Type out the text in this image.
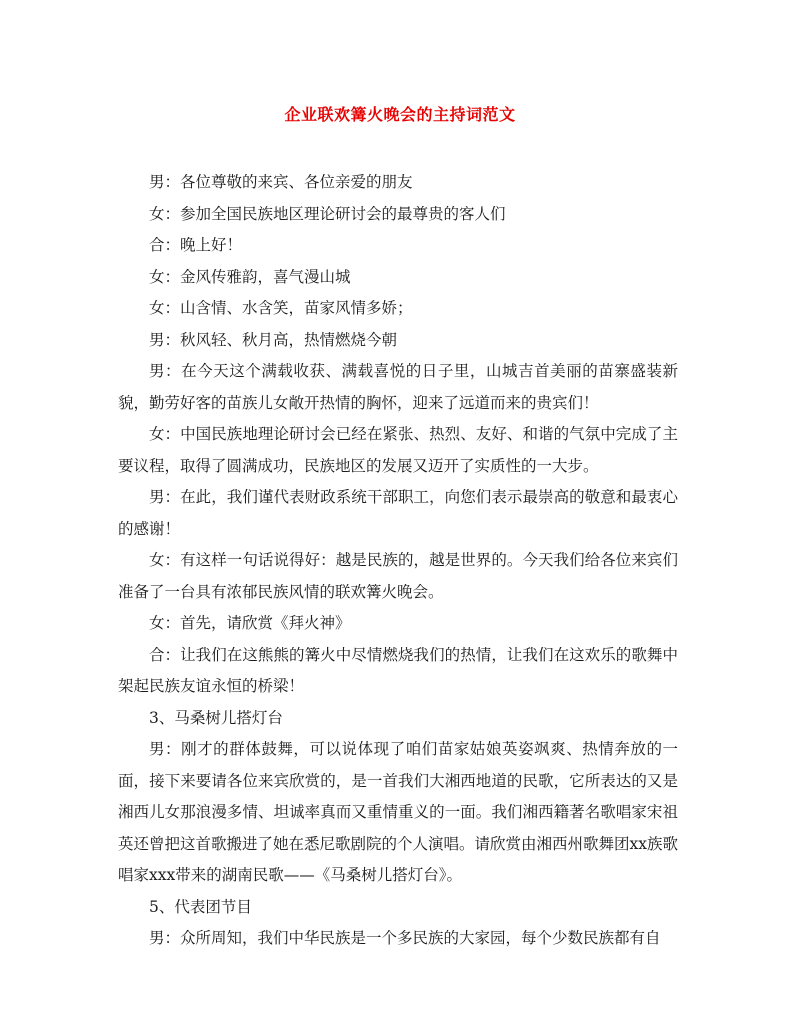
企业联欢篝火晚会的主持词范文

男：各位尊敬的来宾、各位亲爱的朋友

女：参加全国民族地区理论研讨会的最尊贵的客人们

合：晚上好！

女：金风传雅韵，喜气漫山城

女：山含情、水含笑，苗家风情多娇；

男：秋风轻、秋月高，热情燃烧今朝

男：在今天这个满载收获、满载喜悦的日子里，山城吉首美丽的苗寨盛装新貌，勤劳好客的苗族儿女敞开热情的胸怀，迎来了远道而来的贵宾们！

女：中国民族地理论研讨会已经在紧张、热烈、友好、和谐的气氛中完成了主要议程，取得了圆满成功，民族地区的发展又迈开了实质性的一大步。

男：在此，我们谨代表财政系统干部职工，向您们表示最崇高的敬意和最衷心的感谢！

女：有这样一句话说得好：越是民族的，越是世界的。今天我们给各位来宾们准备了一台具有浓郁民族风情的联欢篝火晚会。

女：首先，请欣赏《拜火神》

合：让我们在这熊熊的篝火中尽情燃烧我们的热情，让我们在这欢乐的歌舞中架起民族友谊永恒的桥梁！

3、马桑树儿搭灯台

男：刚才的群体鼓舞，可以说体现了咱们苗家姑娘英姿飒爽、热情奔放的一面，接下来要请各位来宾欣赏的，是一首我们大湘西地道的民歌，它所表达的又是湘西儿女那浪漫多情、坦诚率真而又重情重义的一面。我们湘西籍著名歌唱家宋祖英还曾把这首歌搬进了她在悉尼歌剧院的个人演唱。请欣赏由湘西州歌舞团xx族歌唱家xxx带来的湖南民歌——《马桑树儿搭灯台》。

5、代表团节目

男：众所周知，我们中华民族是一个多民族的大家园，每个少数民族都有自
